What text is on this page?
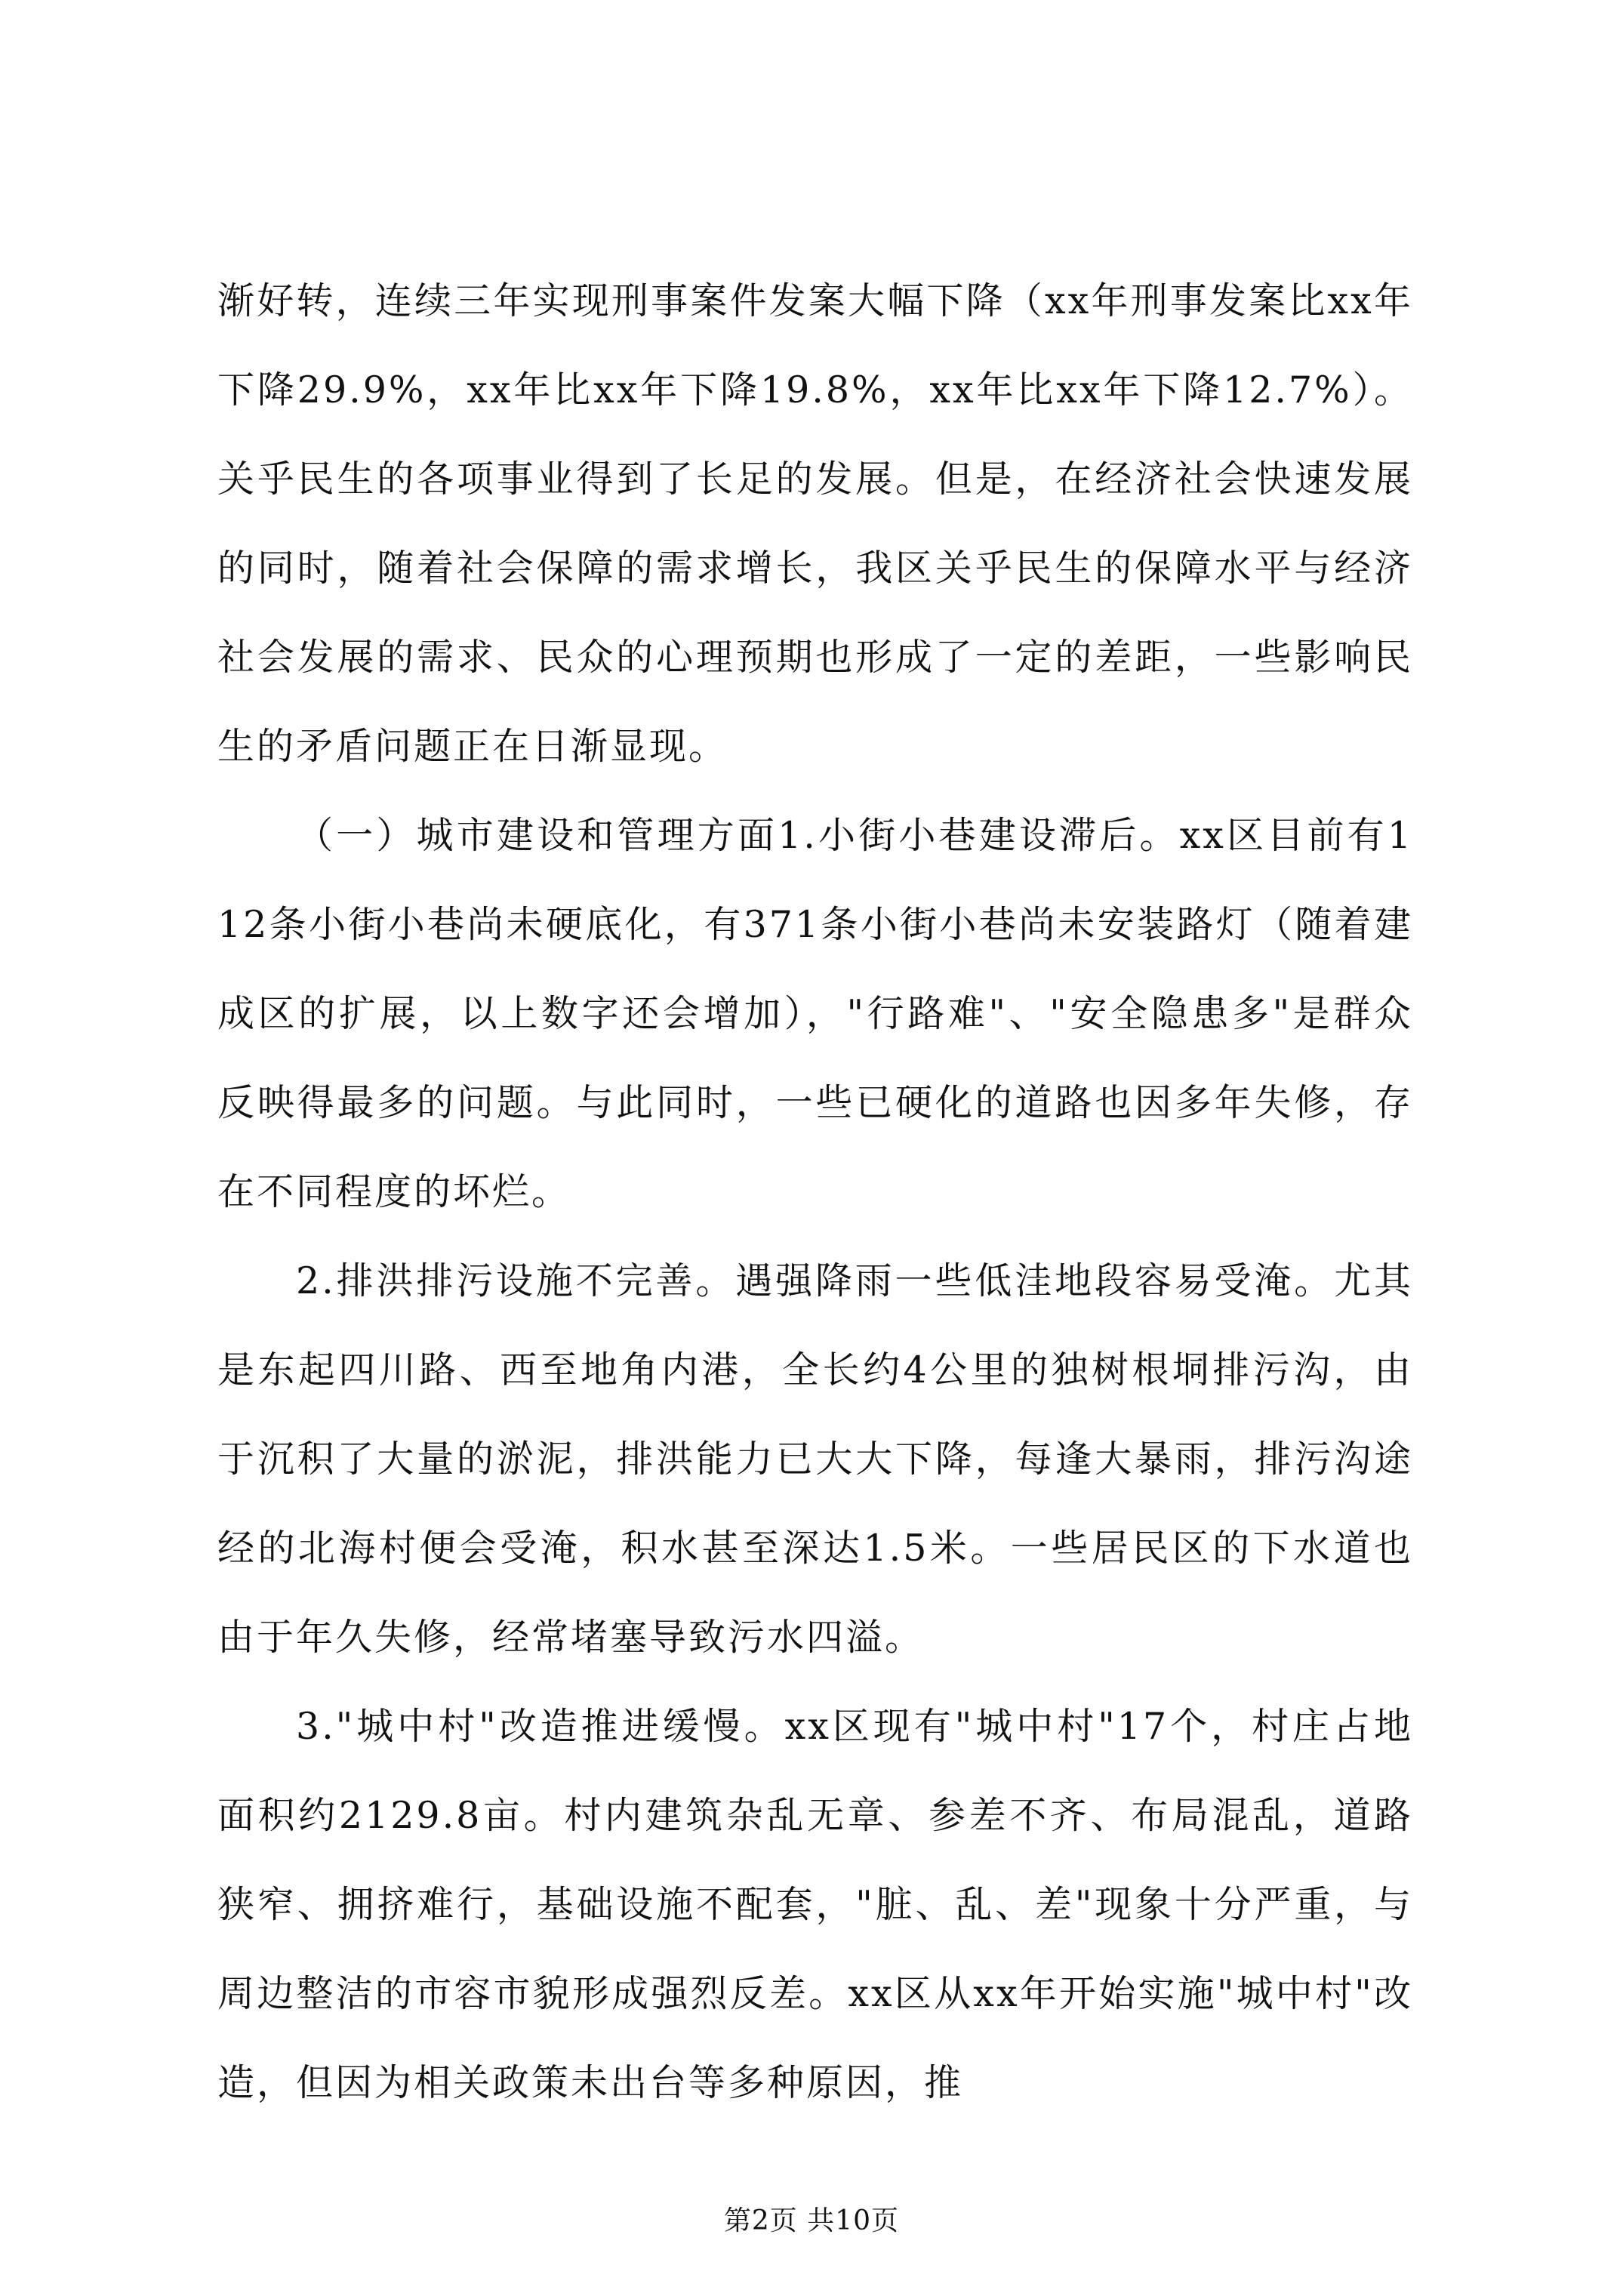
渐好转，连续三年实现刑事案件发案大幅下降（xx年刑事发案比xx年下降29.9%，xx年比xx年下降19.8%，xx年比xx年下降12.7%）。关乎民生的各项事业得到了长足的发展。但是，在经济社会快速发展的同时，随着社会保障的需求增长，我区关乎民生的保障水平与经济社会发展的需求、民众的心理预期也形成了一定的差距，一些影响民生的矛盾问题正在日渐显现。

（一）城市建设和管理方面1.小街小巷建设滞后。xx区目前有112条小街小巷尚未硬底化，有371条小街小巷尚未安装路灯（随着建成区的扩展，以上数字还会增加），"行路难"、"安全隐患多"是群众反映得最多的问题。与此同时，一些已硬化的道路也因多年失修，存在不同程度的坏烂。

2.排洪排污设施不完善。遇强降雨一些低洼地段容易受淹。尤其是东起四川路、西至地角内港，全长约4公里的独树根垌排污沟，由于沉积了大量的淤泥，排洪能力已大大下降，每逢大暴雨，排污沟途经的北海村便会受淹，积水甚至深达1.5米。一些居民区的下水道也由于年久失修，经常堵塞导致污水四溢。

3."城中村"改造推进缓慢。xx区现有"城中村"17个，村庄占地面积约2129.8亩。村内建筑杂乱无章、参差不齐、布局混乱，道路狭窄、拥挤难行，基础设施不配套，"脏、乱、差"现象十分严重，与周边整洁的市容市貌形成强烈反差。xx区从xx年开始实施"城中村"改造，但因为相关政策未出台等多种原因，推

第2页 共10页
